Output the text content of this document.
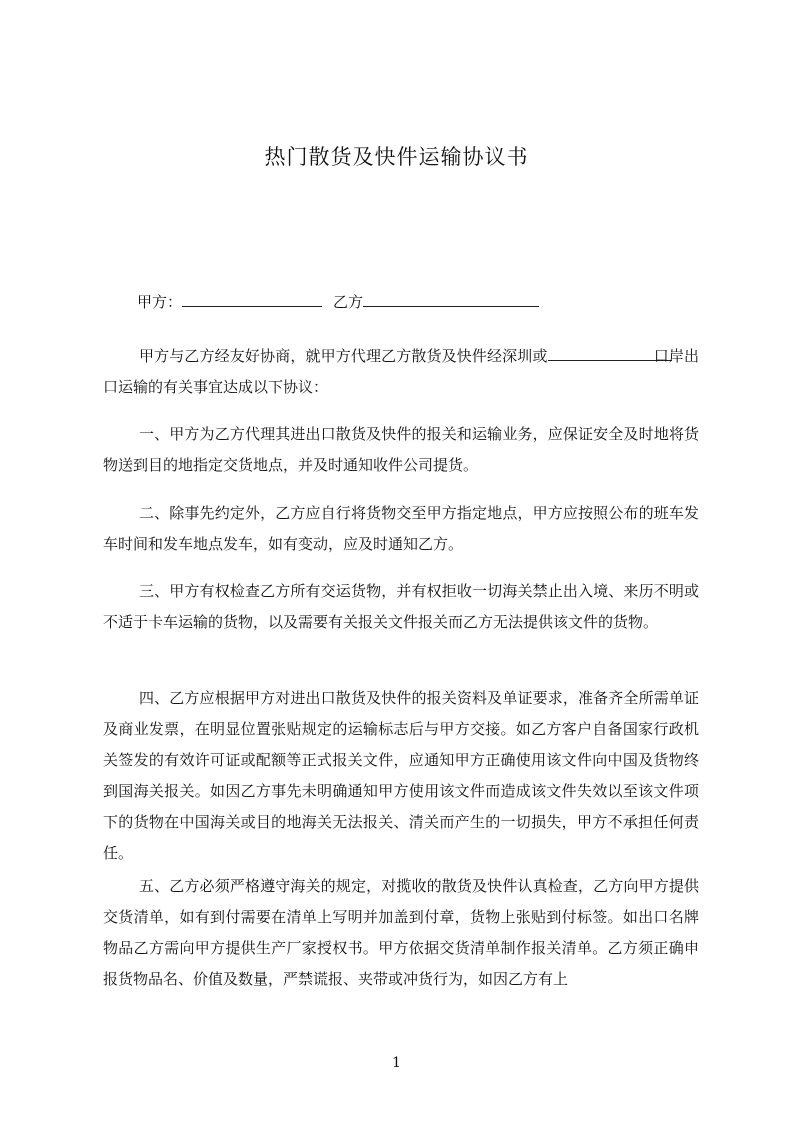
热门散货及快件运输协议书
甲方：	乙方

甲方与乙方经友好协商，就甲方代理乙方散货及快件经深圳或	口岸出口运输的有关事宜达成以下协议：

一、甲方为乙方代理其进出口散货及快件的报关和运输业务，应保证安全及时地将货物送到目的地指定交货地点，并及时通知收件公司提货。

二、除事先约定外，乙方应自行将货物交至甲方指定地点，甲方应按照公布的班车发车时间和发车地点发车，如有变动，应及时通知乙方。

三、甲方有权检查乙方所有交运货物，并有权拒收一切海关禁止出入境、来历不明或不适于卡车运输的货物，以及需要有关报关文件报关而乙方无法提供该文件的货物。

四、乙方应根据甲方对进出口散货及快件的报关资料及单证要求，准备齐全所需单证及商业发票，在明显位置张贴规定的运输标志后与甲方交接。如乙方客户自备国家行政机关签发的有效许可证或配额等正式报关文件，应通知甲方正确使用该文件向中国及货物终到国海关报关。如因乙方事先未明确通知甲方使用该文件而造成该文件失效以至该文件项下的货物在中国海关或目的地海关无法报关、清关而产生的一切损失，甲方不承担任何责任。

五、乙方必须严格遵守海关的规定，对揽收的散货及快件认真检查，乙方向甲方提供交货清单，如有到付需要在清单上写明并加盖到付章，货物上张贴到付标签。如出口名牌物品乙方需向甲方提供生产厂家授权书。甲方依据交货清单制作报关清单。乙方须正确申报货物品名、价值及数量，严禁谎报、夹带或冲货行为，如因乙方有上

1
